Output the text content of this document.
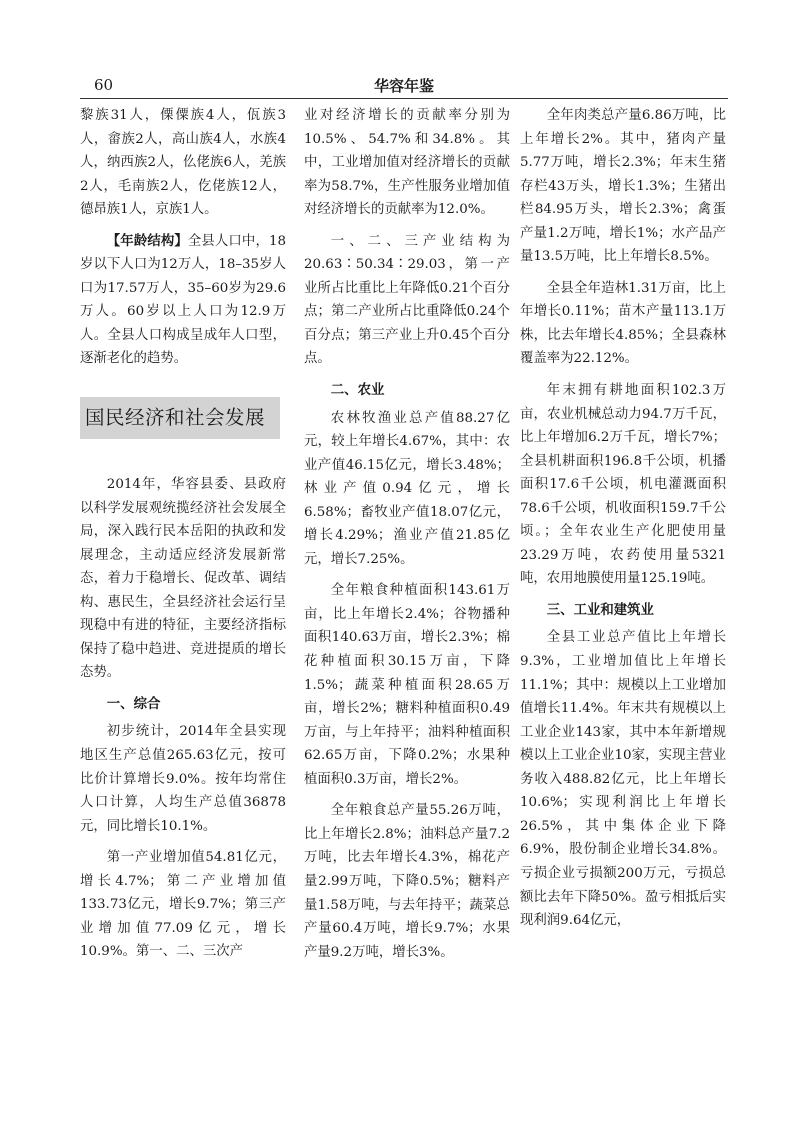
60	华容年鉴

黎族31人，傈僳族4人，佤族3人，畲族2人，高山族4人，水族4人，纳西族2人，仫佬族6人，羌族2人，毛南族2人，仡佬族12人，德昂族1人，京族1人。

【年龄结构】全县人口中，18岁以下人口为12万人，18–35岁人口为17.57万人，35–60岁为29.6万人。60岁以上人口为12.9万人。全县人口构成呈成年人口型，逐渐老化的趋势。

国民经济和社会发展

2014年，华容县委、县政府以科学发展观统揽经济社会发展全局，深入践行民本岳阳的执政和发展理念，主动适应经济发展新常态，着力于稳增长、促改革、调结构、惠民生，全县经济社会运行呈现稳中有进的特征，主要经济指标保持了稳中趋进、竞进提质的增长态势。

一、综合

初步统计，2014年全县实现地区生产总值265.63亿元，按可比价计算增长9.0%。按年均常住人口计算，人均生产总值36878元，同比增长10.1%。

第一产业增加值54.81亿元，增长4.7%；第二产业增加值133.73亿元，增长9.7%；第三产业增加值77.09亿元，增长10.9%。第一、二、三次产

业对经济增长的贡献率分别为10.5%、54.7%和34.8%。其中，工业增加值对经济增长的贡献率为58.7%，生产性服务业增加值对经济增长的贡献率为12.0%。

一、二、三产业结构为20.63∶50.34∶29.03，第一产业所占比重比上年降低0.21个百分点；第二产业所占比重降低0.24个百分点；第三产业上升0.45个百分点。

二、农业

农林牧渔业总产值88.27亿元，较上年增长4.67%，其中：农业产值46.15亿元，增长3.48%；林业产值0.94亿元，增长6.58%；畜牧业产值18.07亿元，增长4.29%；渔业产值21.85亿元，增长7.25%。

全年粮食种植面积143.61万亩，比上年增长2.4%；谷物播种面积140.63万亩，增长2.3%；棉花种植面积30.15万亩，下降1.5%；蔬菜种植面积28.65万亩，增长2%；糖料种植面积0.49万亩，与上年持平；油料种植面积62.65万亩，下降0.2%；水果种植面积0.3万亩，增长2%。

全年粮食总产量55.26万吨，比上年增长2.8%；油料总产量7.2万吨，比去年增长4.3%，棉花产量2.99万吨，下降0.5%；糖料产量1.58万吨，与去年持平；蔬菜总产量60.4万吨，增长9.7%；水果产量9.2万吨，增长3%。

全年肉类总产量6.86万吨，比上年增长2%。其中，猪肉产量5.77万吨，增长2.3%；年末生猪存栏43万头，增长1.3%；生猪出栏84.95万头，增长2.3%；禽蛋产量1.2万吨，增长1%；水产品产量13.5万吨，比上年增长8.5%。

全县全年造林1.31万亩，比上年增长0.11%；苗木产量113.1万株，比去年增长4.85%；全县森林覆盖率为22.12%。

年末拥有耕地面积102.3万亩，农业机械总动力94.7万千瓦，比上年增加6.2万千瓦，增长7%；全县机耕面积196.8千公顷，机播面积17.6千公顷，机电灌溉面积78.6千公顷，机收面积159.7千公顷。；全年农业生产化肥使用量23.29万吨，农药使用量5321吨，农用地膜使用量125.19吨。

三、工业和建筑业

全县工业总产值比上年增长9.3%，工业增加值比上年增长11.1%；其中：规模以上工业增加值增长11.4%。年末共有规模以上工业企业143家，其中本年新增规模以上工业企业10家，实现主营业务收入488.82亿元，比上年增长10.6%；实现利润比上年增长26.5%，其中集体企业下降6.9%，股份制企业增长34.8%。亏损企业亏损额200万元，亏损总额比去年下降50%。盈亏相抵后实现利润9.64亿元，
